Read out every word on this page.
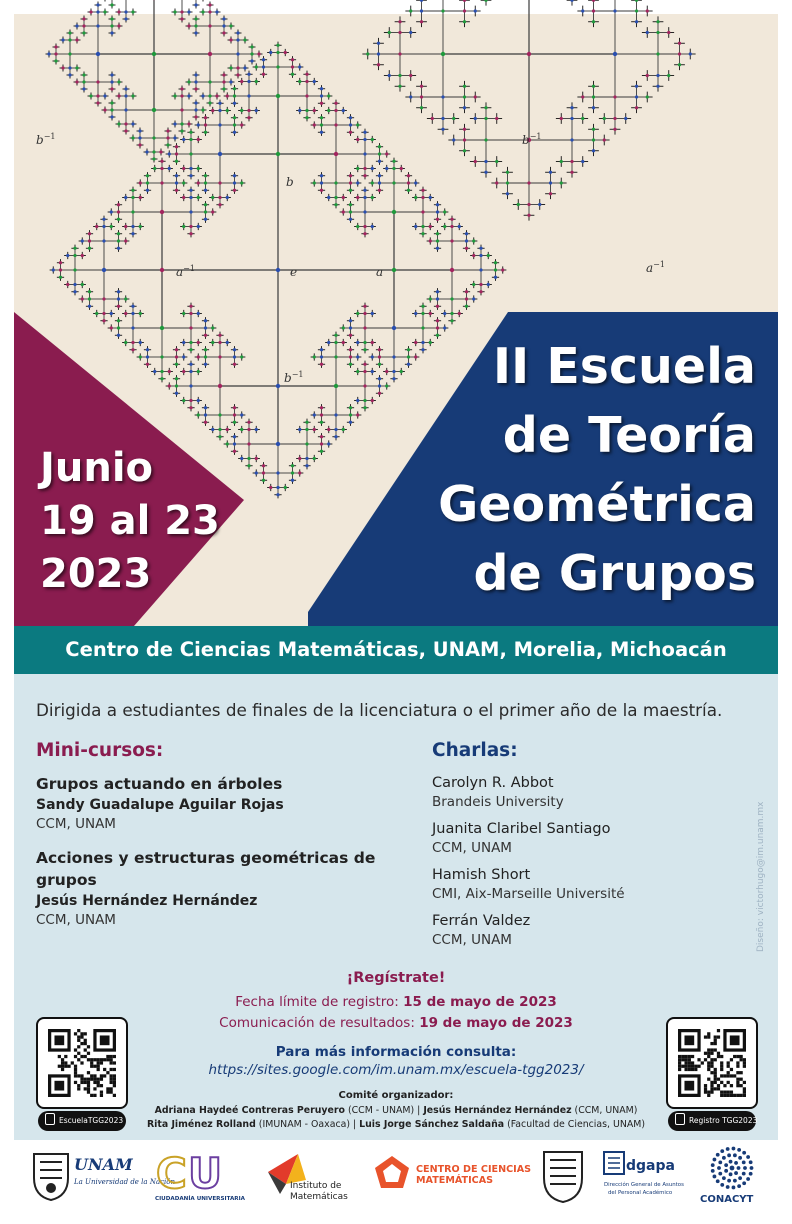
e	a
$a^{-1}$
b
$b^{-1}$
$b^{-1}$	$b^{-1}$
$a^{-1}$
Junio
19 al 23
2023
II Escuela
de Teoría
Geométrica
de Grupos
Centro de Ciencias Matemáticas, UNAM, Morelia, Michoacán
Dirigida a estudiantes de finales de la licenciatura o el primer año de la maestría.
Mini-cursos:
Grupos actuando en árboles
Sandy Guadalupe Aguilar Rojas
CCM, UNAM
Acciones y estructuras geométricas de grupos
Jesús Hernández Hernández
CCM, UNAM
Charlas:
Carolyn R. Abbot
Brandeis University
Juanita Claribel Santiago
CCM, UNAM
Hamish Short
CMI, Aix-Marseille Université
Ferrán Valdez
CCM, UNAM	Diseño: victorhugo@im.unam.mx
¡Regístrate!
Fecha límite de registro: 15 de mayo de 2023
Comunicación de resultados: 19 de mayo de 2023
Para más información consulta:
https://sites.google.com/im.unam.mx/escuela-tgg2023/
Comité organizador:
Adriana Haydeé Contreras Peruyero (CCM - UNAM) | Jesús Hernández Hernández (CCM, UNAM)
Rita Jiménez Rolland (IMUNAM - Oaxaca) | Luis Jorge Sánchez Saldaña (Facultad de Ciencias, UNAM)
EscuelaTGG2023	Registro TGG2023
UNAM
La Universidad de la Nación
C U
CIUDADANÍA UNIVERSITARIA
Instituto de
Matemáticas
CENTRO DE CIENCIAS
MATEMÁTICAS
dgapa
Dirección General de Asuntos
del Personal Académico
CONACYT
